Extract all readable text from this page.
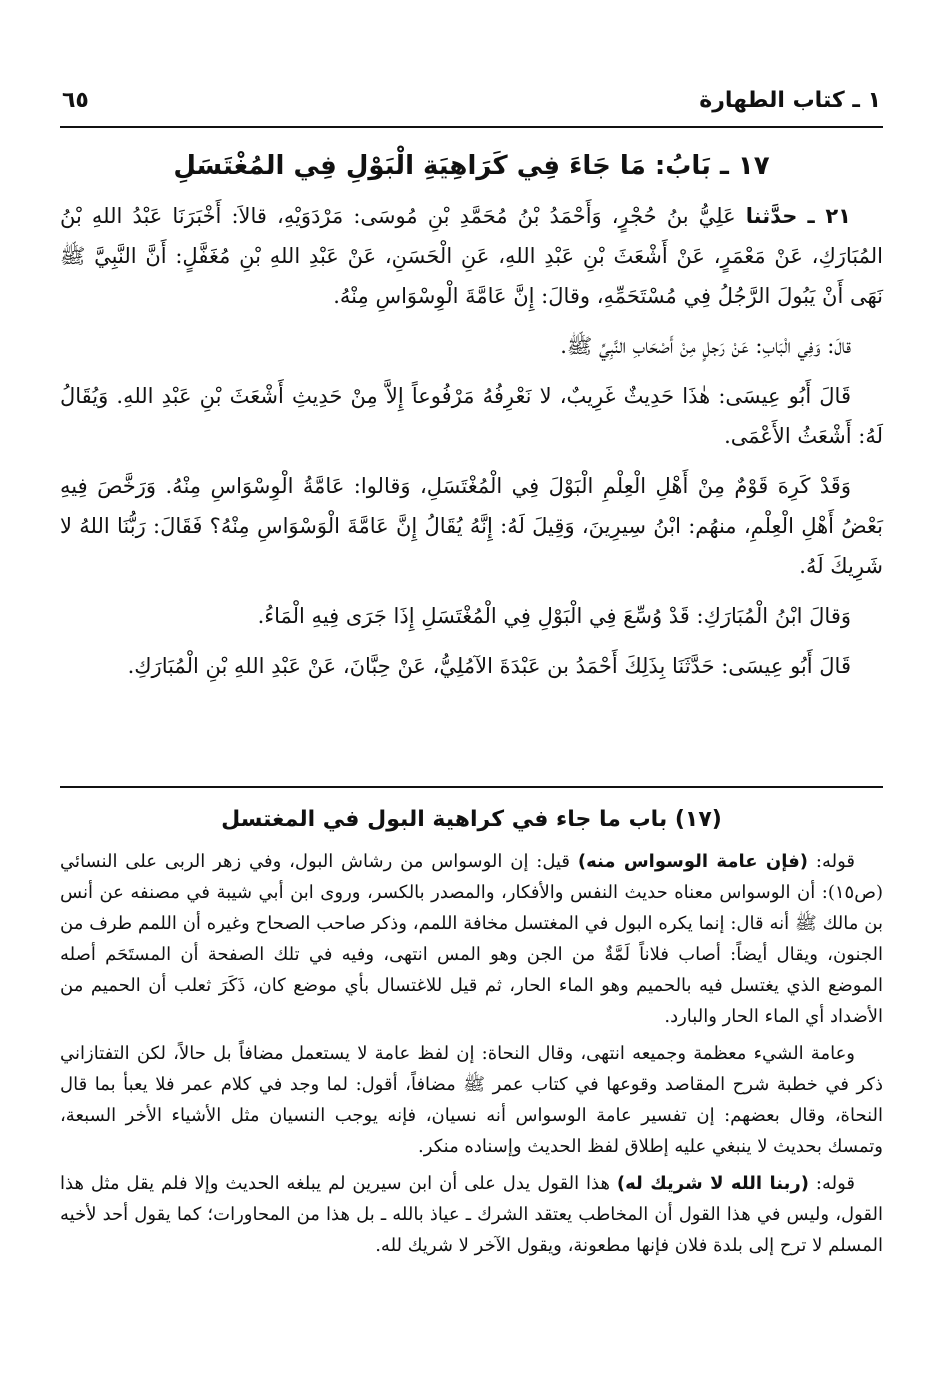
١ ـ كتاب الطهارة
٦٥
١٧ ـ بَابُ: مَا جَاءَ فِي كَرَاهِيَةِ الْبَوْلِ فِي المُغْتَسَلِ

٢١ ـ حدَّثنا عَلِيُّ بنُ حُجْرٍ، وَأَحْمَدُ بْنُ مُحَمَّدِ بْنِ مُوسَى: مَرْدَوَيْهِ، قالاَ: أَخْبَرَنَا عَبْدُ اللهِ بْنُ المُبَارَكِ، عَنْ مَعْمَرٍ، عَنْ أَشْعَثَ بْنِ عَبْدِ اللهِ، عَنِ الْحَسَنِ، عَنْ عَبْدِ اللهِ بْنِ مُغَفَّلٍ: أَنَّ النَّبِيَّ ﷺ نَهَى أَنْ يَبُولَ الرَّجُلُ فِي مُسْتَحَمِّهِ، وقالَ: إِنَّ عَامَّةَ الْوِسْوَاسِ مِنْهُ.

قالَ: وَفِي الْبَابِ: عَنْ رَجلٍ مِنْ أَصْحَابِ النَّبِيِّ ﷺ.

قَالَ أَبُو عِيسَى: هٰذَا حَدِيثٌ غَرِيبٌ، لا نَعْرِفُهُ مَرْفُوعاً إِلاَّ مِنْ حَدِيثِ أَشْعَثَ بْنِ عَبْدِ اللهِ. وَيُقَالُ لَهُ: أَشْعَثُ الأَعْمَى.

وَقَدْ كَرِهَ قَوْمٌ مِنْ أَهْلِ الْعِلْمِ الْبَوْلَ فِي الْمُغْتَسَلِ، وَقالوا: عَامَّةُ الْوِسْوَاسِ مِنْهُ. وَرَخَّصَ فِيهِ بَعْضُ أَهْلِ الْعِلْمِ، منهُم: ابْنُ سِيرِينَ، وَقِيلَ لَهُ: إِنَّهُ يُقَالُ إِنَّ عَامَّةَ الْوَسْوَاسِ مِنْهُ؟ فَقَالَ: رَبُّنَا اللهُ لا شَرِيكَ لَهُ.

وَقالَ ابْنُ الْمُبَارَكِ: قَدْ وُسِّعَ فِي الْبَوْلِ فِي الْمُغْتَسَلِ إِذَا جَرَى فِيهِ الْمَاءُ.

قَالَ أَبُو عِيسَى: حَدَّثَنَا بِذَلِكَ أَحْمَدُ بن عَبْدَةَ الآمُلِيُّ، عَنْ حِبَّانَ، عَنْ عَبْدِ اللهِ بْنِ الْمُبَارَكِ.

(١٧) باب ما جاء في كراهية البول في المغتسل

قوله: (فإن عامة الوسواس منه) قيل: إن الوسواس من رشاش البول، وفي زهر الربى على النسائي (ص١٥): أن الوسواس معناه حديث النفس والأفكار، والمصدر بالكسر، وروى ابن أبي شيبة في مصنفه عن أنس بن مالك ﷺ أنه قال: إنما يكره البول في المغتسل مخافة اللمم، وذكر صاحب الصحاح وغيره أن اللمم طرف من الجنون، ويقال أيضاً: أصاب فلاناً لَمَّةٌ من الجن وهو المس انتهى، وفيه في تلك الصفحة أن المستَحَم أصله الموضع الذي يغتسل فيه بالحميم وهو الماء الحار، ثم قيل للاغتسال بأي موضع كان، ذَكَرَ ثعلب أن الحميم من الأضداد أي الماء الحار والبارد.

وعامة الشيء معظمة وجميعه انتهى، وقال النحاة: إن لفظ عامة لا يستعمل مضافاً بل حالاً، لكن التفتازاني ذكر في خطبة شرح المقاصد وقوعها في كتاب عمر ﷺ مضافاً، أقول: لما وجد في كلام عمر فلا يعبأ بما قال النحاة، وقال بعضهم: إن تفسير عامة الوسواس أنه نسيان، فإنه يوجب النسيان مثل الأشياء الأخر السبعة، وتمسك بحديث لا ينبغي عليه إطلاق لفظ الحديث وإسناده منكر.

قوله: (ربنا الله لا شريك له) هذا القول يدل على أن ابن سيرين لم يبلغه الحديث وإلا فلم يقل مثل هذا القول، وليس في هذا القول أن المخاطب يعتقد الشرك ـ عياذ بالله ـ بل هذا من المحاورات؛ كما يقول أحد لأخيه المسلم لا ترح إلى بلدة فلان فإنها مطعونة، ويقول الآخر لا شريك لله.
